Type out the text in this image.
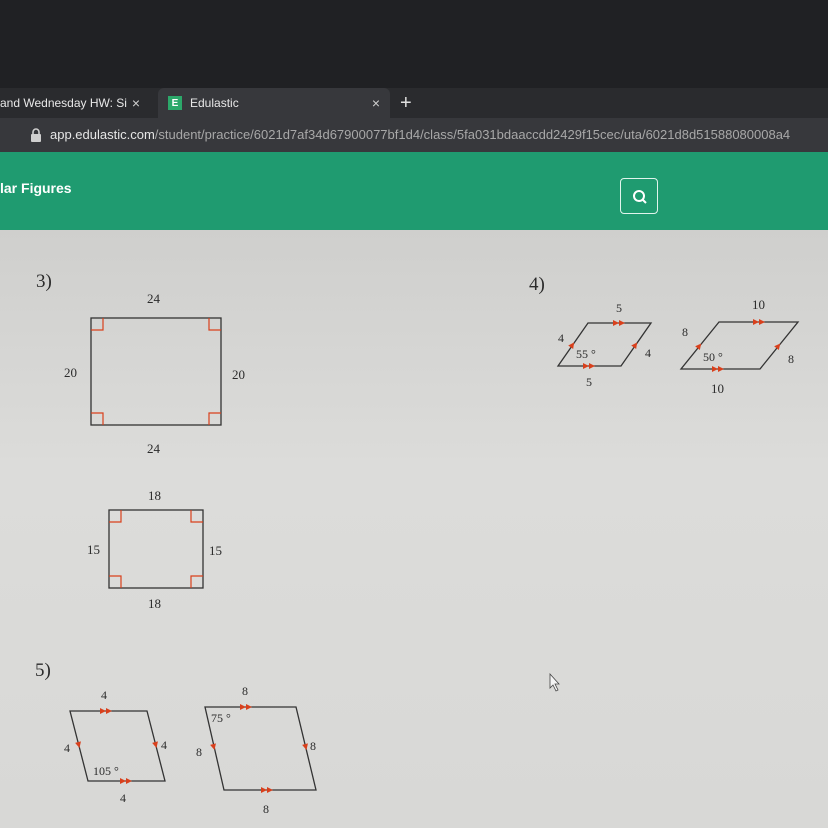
and Wednesday HW: Si ×	E Edulastic	× +
app.edulastic.com/student/practice/6021d7af34d67900077bf1d4/class/5fa031bdaaccdd2429f15cec/uta/6021d8d51588080008a4
lar Figures
3)
24
24
20	20
18
18
15	15
4)
5
5
4
4
55 °
10
10
8
8
50 °
5)
4
4
4	4
105 °
8
8
8	8
75 °
